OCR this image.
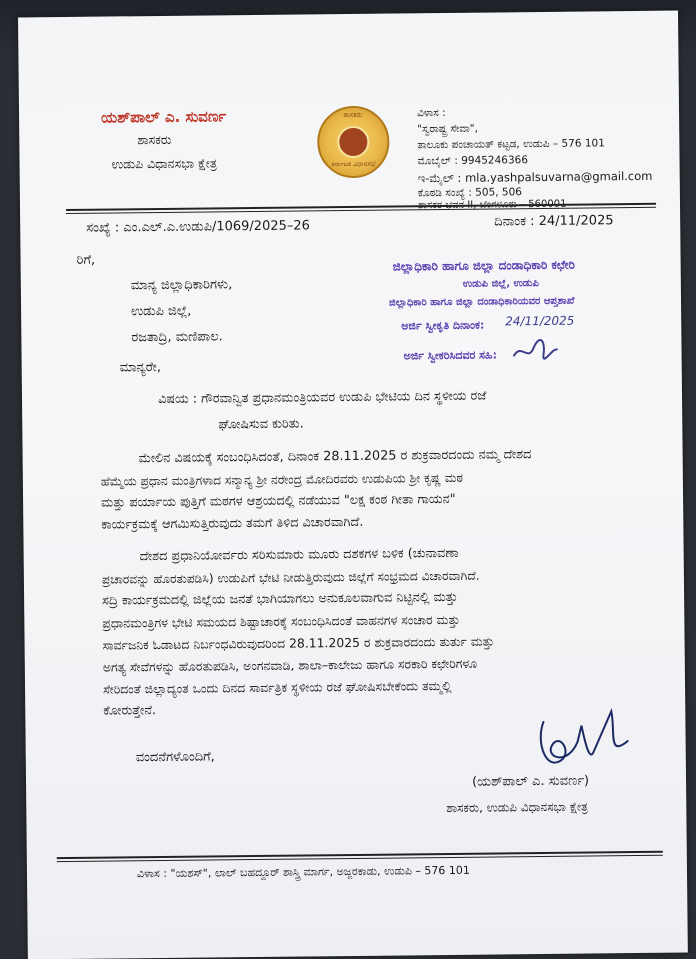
ಯಶ್‌ಪಾಲ್ ಎ. ಸುವರ್ಣ
ಶಾಸಕರು
ಉಡುಪಿ ವಿಧಾನಸಭಾ ಕ್ಷೇತ್ರ
ಶಾಸಕರು
ಕರ್ನಾಟಕ ವಿಧಾನಸಭೆ
ವಿಳಾಸ :
"ಸ್ವರಾಷ್ಟ್ರ ಸೇವಾ",
ತಾಲೂಕು ಪಂಚಾಯತ್ ಕಟ್ಟಡ, ಉಡುಪಿ – 576 101
ಮೊಬೈಲ್ : 9945246366
ಇ-ಮೈಲ್ : mla.yashpalsuvarna@gmail.com
ಕೊಠಡಿ ಸಂಖ್ಯೆ : 505, 506
ಶಾಸಕರ ಭವನ II, ಬೆಂಗಳೂರು – 560001
ಸಂಖ್ಯೆ : ಎಂ.ಎಲ್.ಎ.ಉಡುಪಿ/1069/2025–26	ದಿನಾಂಕ : 24/11/2025
ರಿಗೆ,
ಮಾನ್ಯ ಜಿಲ್ಲಾಧಿಕಾರಿಗಳು,
ಉಡುಪಿ ಜಿಲ್ಲೆ,
ರಜತಾದ್ರಿ, ಮಣಿಪಾಲ.
ಜಿಲ್ಲಾಧಿಕಾರಿ ಹಾಗೂ ಜಿಲ್ಲಾ ದಂಡಾಧಿಕಾರಿ ಕಛೇರಿ
ಉಡುಪಿ ಜಿಲ್ಲೆ, ಉಡುಪಿ
ಜಿಲ್ಲಾಧಿಕಾರಿ ಹಾಗೂ ಜಿಲ್ಲಾ ದಂಡಾಧಿಕಾರಿಯವರ ಆಪ್ತಶಾಖೆ
ಅರ್ಜಿ ಸ್ವೀಕೃತಿ ದಿನಾಂಕ: 24/11/2025
ಅರ್ಜಿ ಸ್ವೀಕರಿಸಿದವರ ಸಹಿ:
ಮಾನ್ಯರೇ,
ವಿಷಯ : ಗೌರವಾನ್ವಿತ ಪ್ರಧಾನಮಂತ್ರಿಯವರ ಉಡುಪಿ ಭೇಟಿಯ ದಿನ ಸ್ಥಳೀಯ ರಜೆ
ಘೋಷಿಸುವ ಕುರಿತು.
ಮೇಲಿನ ವಿಷಯಕ್ಕೆ ಸಂಬಂಧಿಸಿದಂತೆ, ದಿನಾಂಕ 28.11.2025 ರ ಶುಕ್ರವಾರದಂದು ನಮ್ಮ ದೇಶದ
ಹೆಮ್ಮೆಯ ಪ್ರಧಾನ ಮಂತ್ರಿಗಳಾದ ಸನ್ಮಾನ್ಯ ಶ್ರೀ ನರೇಂದ್ರ ಮೋದಿರವರು ಉಡುಪಿಯ ಶ್ರೀ ಕೃಷ್ಣ ಮಠ
ಮತ್ತು ಪರ್ಯಾಯ ಪುತ್ತಿಗೆ ಮಠಗಳ ಆಶ್ರಯದಲ್ಲಿ ನಡೆಯುವ "ಲಕ್ಷ ಕಂಠ ಗೀತಾ ಗಾಯನ"
ಕಾರ್ಯಕ್ರಮಕ್ಕೆ ಆಗಮಿಸುತ್ತಿರುವುದು ತಮಗೆ ತಿಳಿದ ವಿಚಾರವಾಗಿದೆ.
ದೇಶದ ಪ್ರಧಾನಿಯೋರ್ವರು ಸರಿಸುಮಾರು ಮೂರು ದಶಕಗಳ ಬಳಿಕ (ಚುನಾವಣಾ
ಪ್ರಚಾರವನ್ನು ಹೊರತುಪಡಿಸಿ) ಉಡುಪಿಗೆ ಭೇಟಿ ನೀಡುತ್ತಿರುವುದು ಜಿಲ್ಲೆಗೆ ಸಂಭ್ರಮದ ವಿಚಾರವಾಗಿದೆ.
ಸದ್ರಿ ಕಾರ್ಯಕ್ರಮದಲ್ಲಿ ಜಿಲ್ಲೆಯ ಜನತೆ ಭಾಗಿಯಾಗಲು ಅನುಕೂಲವಾಗುವ ನಿಟ್ಟಿನಲ್ಲಿ ಮತ್ತು
ಪ್ರಧಾನಮಂತ್ರಿಗಳ ಭೇಟಿ ಸಮಯದ ಶಿಷ್ಟಾಚಾರಕ್ಕೆ ಸಂಬಂಧಿಸಿದಂತೆ ವಾಹನಗಳ ಸಂಚಾರ ಮತ್ತು
ಸಾರ್ವಜನಿಕ ಓಡಾಟದ ನಿರ್ಬಂಧವಿರುವುದರಿಂದ 28.11.2025 ರ ಶುಕ್ರವಾರದಂದು ತುರ್ತು ಮತ್ತು
ಅಗತ್ಯ ಸೇವೆಗಳನ್ನು ಹೊರತುಪಡಿಸಿ, ಅಂಗನವಾಡಿ, ಶಾಲಾ–ಕಾಲೇಜು ಹಾಗೂ ಸರಕಾರಿ ಕಛೇರಿಗಳೂ
ಸೇರಿದಂತೆ ಜಿಲ್ಲಾದ್ಯಂತ ಒಂದು ದಿನದ ಸಾರ್ವತ್ರಿಕ ಸ್ಥಳೀಯ ರಜೆ ಘೋಷಿಸಬೇಕೆಂದು ತಮ್ಮಲ್ಲಿ
ಕೋರುತ್ತೇನೆ.
ವಂದನೆಗಳೊಂದಿಗೆ,
(ಯಶ್‌ಪಾಲ್ ಎ. ಸುವರ್ಣ)
ಶಾಸಕರು, ಉಡುಪಿ ವಿಧಾನಸಭಾ ಕ್ಷೇತ್ರ
ವಿಳಾಸ : "ಯಶಸ್", ಲಾಲ್ ಬಹದ್ದೂರ್ ಶಾಸ್ತ್ರಿ ಮಾರ್ಗ, ಅಜ್ಜರಕಾಡು, ಉಡುಪಿ – 576 101
